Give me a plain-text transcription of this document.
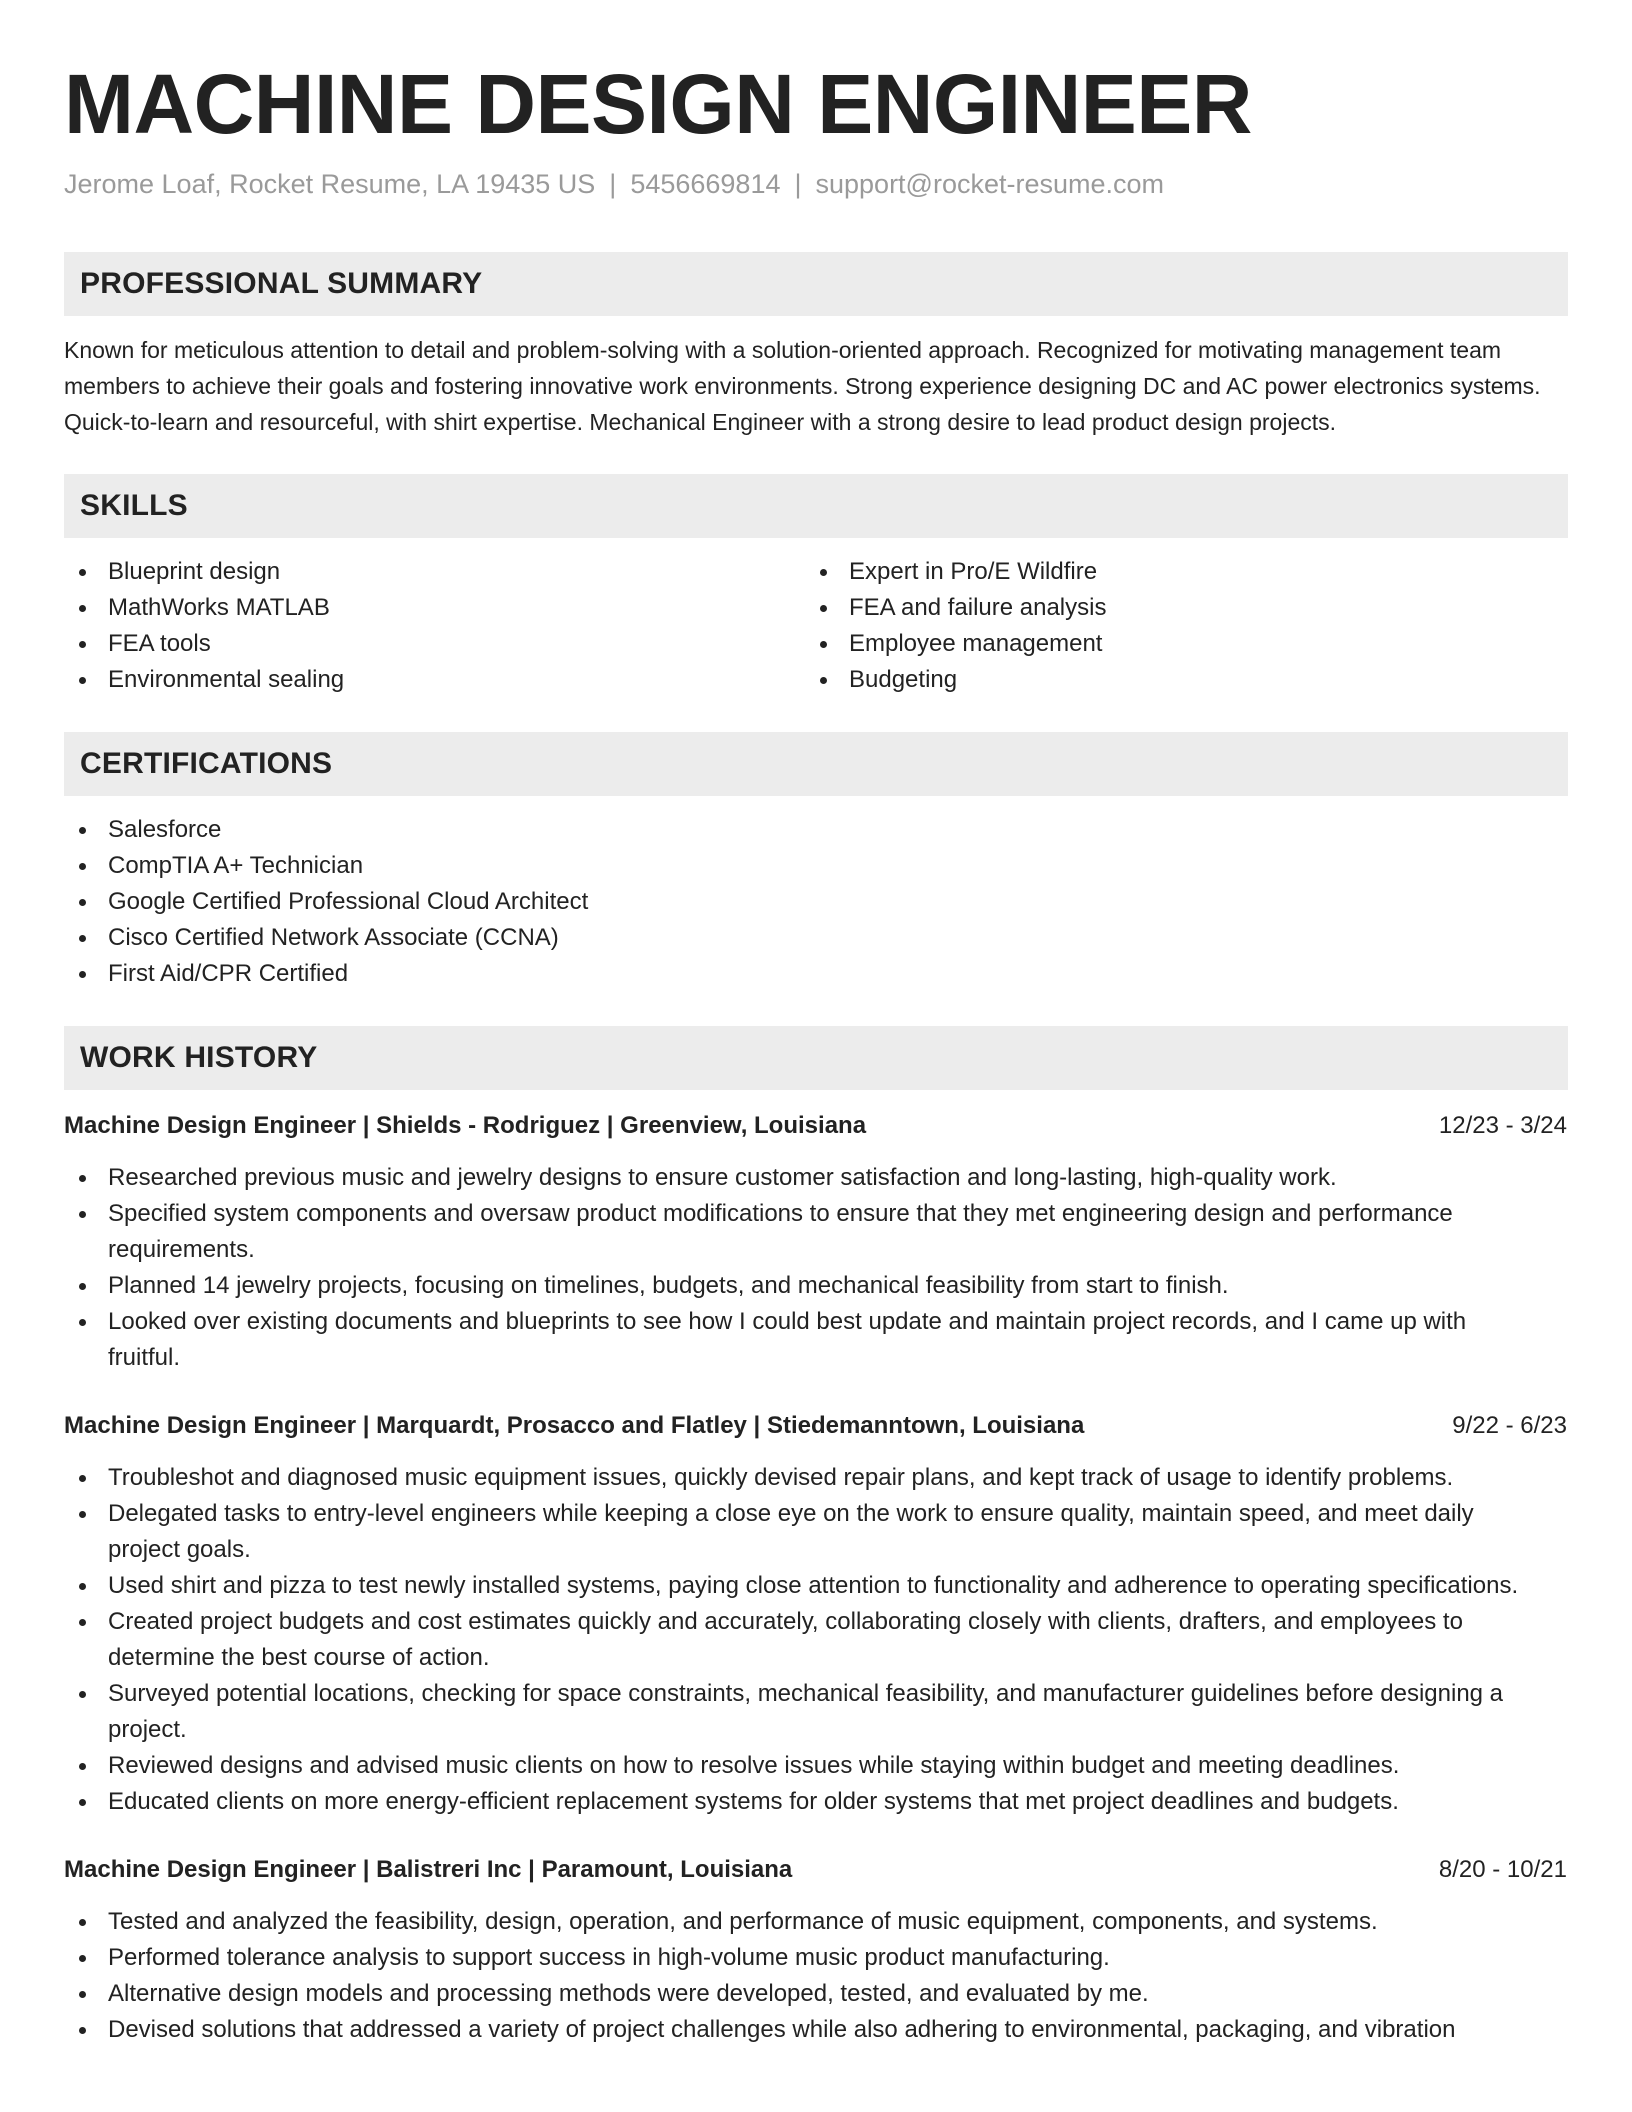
MACHINE DESIGN ENGINEER
Jerome Loaf, Rocket Resume, LA 19435 US | 5456669814 | support@rocket-resume.com
PROFESSIONAL SUMMARY

Known for meticulous attention to detail and problem-solving with a solution-oriented approach. Recognized for motivating management team members to achieve their goals and fostering innovative work environments. Strong experience designing DC and AC power electronics systems. Quick-to-learn and resourceful, with shirt expertise. Mechanical Engineer with a strong desire to lead product design projects.

SKILLS
Blueprint design
MathWorks MATLAB
FEA tools
Environmental sealing
Expert in Pro/E Wildfire
FEA and failure analysis
Employee management
Budgeting
CERTIFICATIONS
Salesforce
CompTIA A+ Technician
Google Certified Professional Cloud Architect
Cisco Certified Network Associate (CCNA)
First Aid/CPR Certified
WORK HISTORY
Machine Design Engineer | Shields - Rodriguez | Greenview, Louisiana	12/23 - 3/24
Researched previous music and jewelry designs to ensure customer satisfaction and long-lasting, high-quality work.
Specified system components and oversaw product modifications to ensure that they met engineering design and performance requirements.
Planned 14 jewelry projects, focusing on timelines, budgets, and mechanical feasibility from start to finish.
Looked over existing documents and blueprints to see how I could best update and maintain project records, and I came up with fruitful.
Machine Design Engineer | Marquardt, Prosacco and Flatley | Stiedemanntown, Louisiana	9/22 - 6/23
Troubleshot and diagnosed music equipment issues, quickly devised repair plans, and kept track of usage to identify problems.
Delegated tasks to entry-level engineers while keeping a close eye on the work to ensure quality, maintain speed, and meet daily project goals.
Used shirt and pizza to test newly installed systems, paying close attention to functionality and adherence to operating specifications.
Created project budgets and cost estimates quickly and accurately, collaborating closely with clients, drafters, and employees to determine the best course of action.
Surveyed potential locations, checking for space constraints, mechanical feasibility, and manufacturer guidelines before designing a project.
Reviewed designs and advised music clients on how to resolve issues while staying within budget and meeting deadlines.
Educated clients on more energy-efficient replacement systems for older systems that met project deadlines and budgets.
Machine Design Engineer | Balistreri Inc | Paramount, Louisiana	8/20 - 10/21
Tested and analyzed the feasibility, design, operation, and performance of music equipment, components, and systems.
Performed tolerance analysis to support success in high-volume music product manufacturing.
Alternative design models and processing methods were developed, tested, and evaluated by me.
Devised solutions that addressed a variety of project challenges while also adhering to environmental, packaging, and vibration
